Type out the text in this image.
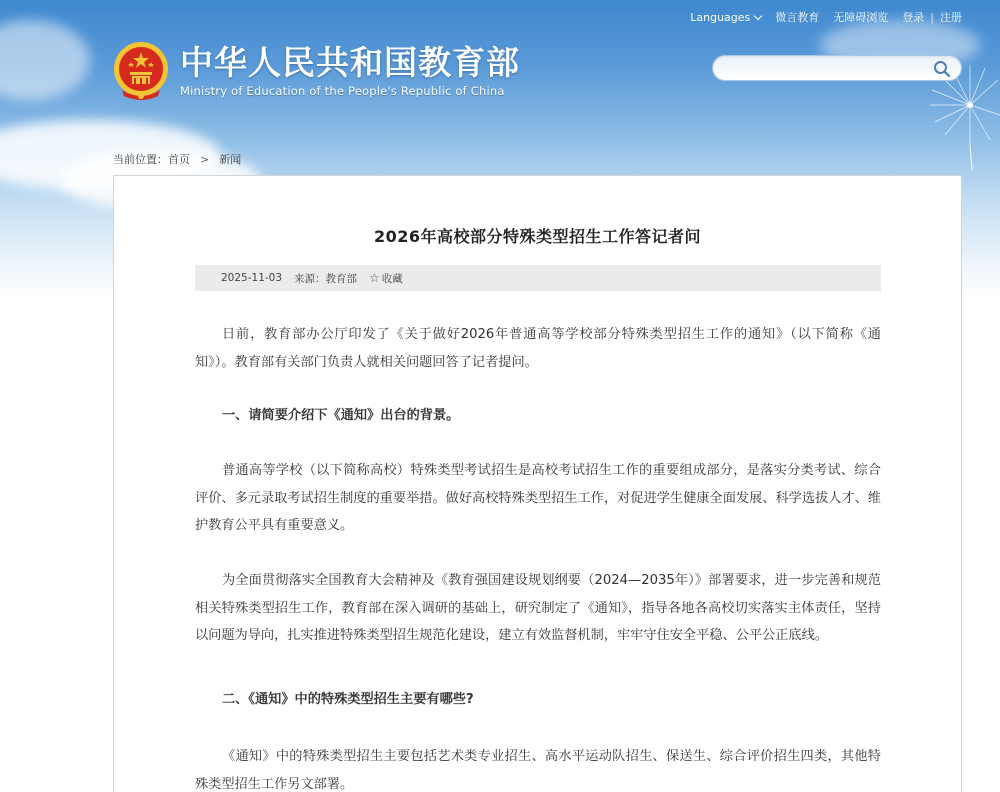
Languages	微言教育 无障碍浏览 登录 | 注册
中华人民共和国教育部
Ministry of Education of the People's Republic of China
当前位置： 首页 > 新闻
2026年高校部分特殊类型招生工作答记者问
2025-11-03 来源：教育部 ☆ 收藏

日前，教育部办公厅印发了《关于做好2026年普通高等学校部分特殊类型招生工作的通知》（以下简称《通知》）。教育部有关部门负责人就相关问题回答了记者提问。

一、请简要介绍下《通知》出台的背景。

普通高等学校（以下简称高校）特殊类型考试招生是高校考试招生工作的重要组成部分，是落实分类考试、综合评价、多元录取考试招生制度的重要举措。做好高校特殊类型招生工作，对促进学生健康全面发展、科学选拔人才、维护教育公平具有重要意义。

为全面贯彻落实全国教育大会精神及《教育强国建设规划纲要（2024—2035年）》部署要求，进一步完善和规范相关特殊类型招生工作，教育部在深入调研的基础上，研究制定了《通知》，指导各地各高校切实落实主体责任，坚持以问题为导向，扎实推进特殊类型招生规范化建设，建立有效监督机制，牢牢守住安全平稳、公平公正底线。

二、《通知》中的特殊类型招生主要有哪些?

《通知》中的特殊类型招生主要包括艺术类专业招生、高水平运动队招生、保送生、综合评价招生四类，其他特殊类型招生工作另文部署。
